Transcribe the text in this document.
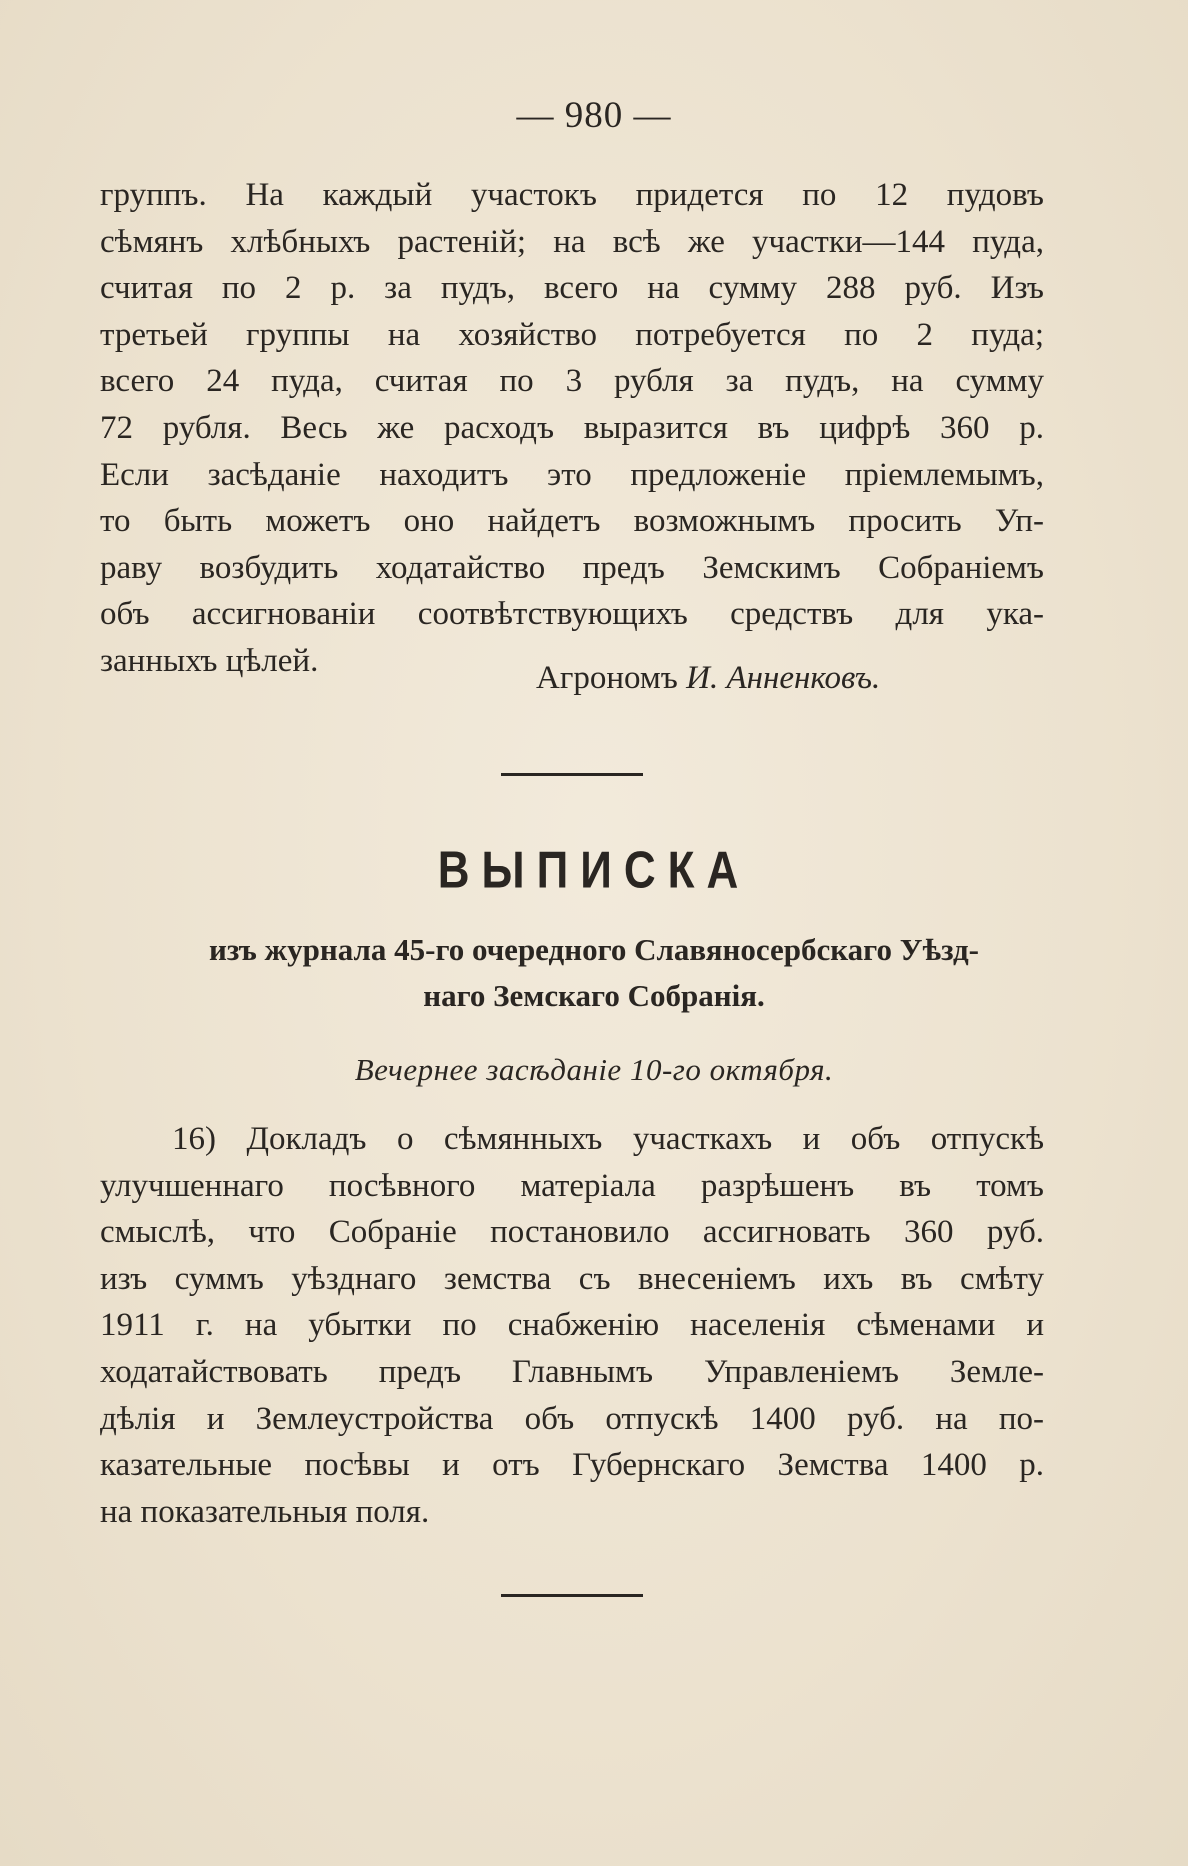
— 980 —
группъ. На каждый участокъ придется по 12 пудовъ
сѣмянъ хлѣбныхъ растеній; на всѣ же участки—144 пуда,
считая по 2 р. за пудъ, всего на сумму 288 руб. Изъ
третьей группы на хозяйство потребуется по 2 пуда;
всего 24 пуда, считая по 3 рубля за пудъ, на сумму
72 рубля. Весь же расходъ выразится въ цифрѣ 360 р.
Если засѣданіе находитъ это предложеніе пріемлемымъ,
то быть можетъ оно найдетъ возможнымъ просить Уп-
раву возбудить ходатайство предъ Земскимъ Собраніемъ
объ ассигнованіи соотвѣтствующихъ средствъ для ука-
занныхъ цѣлей.	Агрономъ И. Анненковъ.
ВЫПИСКА
изъ журнала 45-го очередного Славяносербскаго Уѣзд-
наго Земскаго Собранія.
Вечернее засѣданіе 10-го октября.
16) Докладъ о сѣмянныхъ участкахъ и объ отпускѣ
улучшеннаго посѣвного матеріала разрѣшенъ въ томъ
смыслѣ, что Собраніе постановило ассигновать 360 руб.
изъ суммъ уѣзднаго земства съ внесеніемъ ихъ въ смѣту
1911 г. на убытки по снабженію населенія сѣменами и
ходатайствовать предъ Главнымъ Управленіемъ Земле-
дѣлія и Землеустройства объ отпускѣ 1400 руб. на по-
казательные посѣвы и отъ Губернскаго Земства 1400 р.
на показательныя поля.
